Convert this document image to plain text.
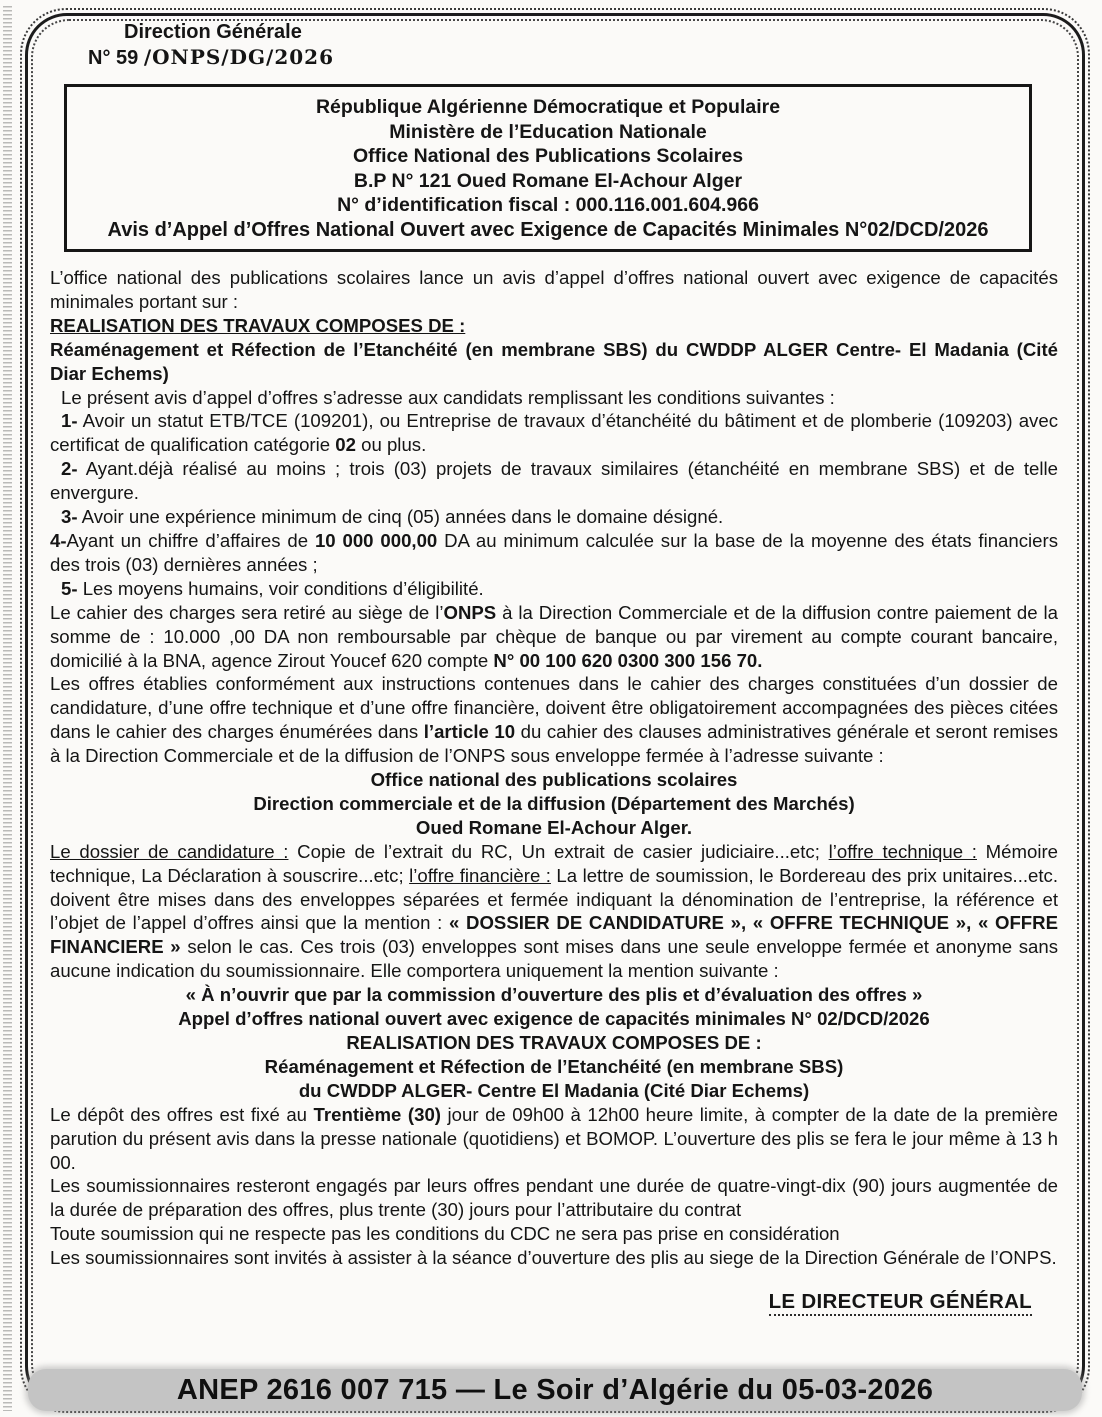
Direction Générale
N° 59 /ONPS/DG/2026
République Algérienne Démocratique et Populaire
Ministère de l’Education Nationale
Office National des Publications Scolaires
B.P N° 121 Oued Romane El-Achour Alger
N° d’identification fiscal : 000.116.001.604.966
Avis d’Appel d’Offres National Ouvert avec Exigence de Capacités Minimales N°02/DCD/2026

L’office national des publications scolaires lance un avis d’appel d’offres national ouvert avec exigence de capacités minimales portant sur :

REALISATION DES TRAVAUX COMPOSES DE :

Réaménagement et Réfection de l’Etanchéité (en membrane SBS) du CWDDP ALGER Centre- El Madania (Cité Diar Echems)

Le présent avis d’appel d’offres s’adresse aux candidats remplissant les conditions suivantes :

1- Avoir un statut ETB/TCE (109201), ou Entreprise de travaux d’étanchéité du bâtiment et de plomberie (109203) avec certificat de qualification catégorie 02 ou plus.

2- Ayant.déjà réalisé au moins ; trois (03) projets de travaux similaires (étanchéité en membrane SBS) et de telle envergure.

3- Avoir une expérience minimum de cinq (05) années dans le domaine désigné.

4-Ayant un chiffre d’affaires de 10 000 000,00 DA au minimum calculée sur la base de la moyenne des états financiers des trois (03) dernières années ;

5- Les moyens humains, voir conditions d’éligibilité.

Le cahier des charges sera retiré au siège de l’ONPS à la Direction Commerciale et de la diffusion contre paiement de la somme de : 10.000 ,00 DA non remboursable par chèque de banque ou par virement au compte courant bancaire, domicilié à la BNA, agence Zirout Youcef 620 compte N° 00 100 620 0300 300 156 70.

Les offres établies conformément aux instructions contenues dans le cahier des charges constituées d’un dossier de candidature, d’une offre technique et d’une offre financière, doivent être obligatoirement accompagnées des pièces citées dans le cahier des charges énumérées dans l’article 10 du cahier des clauses administratives générale et seront remises à la Direction Commerciale et de la diffusion de l’ONPS sous enveloppe fermée à l’adresse suivante :

Office national des publications scolaires

Direction commerciale et de la diffusion (Département des Marchés)

Oued Romane El-Achour Alger.

Le dossier de candidature : Copie de l’extrait du RC, Un extrait de casier judiciaire...etc; l’offre technique : Mémoire technique, La Déclaration à souscrire...etc; l’offre financière : La lettre de soumission, le Bordereau des prix unitaires...etc. doivent être mises dans des enveloppes séparées et fermée indiquant la dénomination de l’entreprise, la référence et l’objet de l’appel d’offres ainsi que la mention : « DOSSIER DE CANDIDATURE », « OFFRE TECHNIQUE », « OFFRE FINANCIERE » selon le cas. Ces trois (03) enveloppes sont mises dans une seule enveloppe fermée et anonyme sans aucune indication du soumissionnaire. Elle comportera uniquement la mention suivante :

« À n’ouvrir que par la commission d’ouverture des plis et d’évaluation des offres »

Appel d’offres national ouvert avec exigence de capacités minimales N° 02/DCD/2026

REALISATION DES TRAVAUX COMPOSES DE :

Réaménagement et Réfection de l’Etanchéité (en membrane SBS)

du CWDDP ALGER- Centre El Madania (Cité Diar Echems)

Le dépôt des offres est fixé au Trentième (30) jour de 09h00 à 12h00 heure limite, à compter de la date de la première parution du présent avis dans la presse nationale (quotidiens) et BOMOP. L’ouverture des plis se fera le jour même à 13 h 00.

Les soumissionnaires resteront engagés par leurs offres pendant une durée de quatre-vingt-dix (90) jours augmentée de la durée de préparation des offres, plus trente (30) jours pour l’attributaire du contrat

Toute soumission qui ne respecte pas les conditions du CDC ne sera pas prise en considération

Les soumissionnaires sont invités à assister à la séance d’ouverture des plis au siege de la Direction Générale de l’ONPS.

LE DIRECTEUR GÉNÉRAL
ANEP 2616 007 715 — Le Soir d’Algérie du 05-03-2026
